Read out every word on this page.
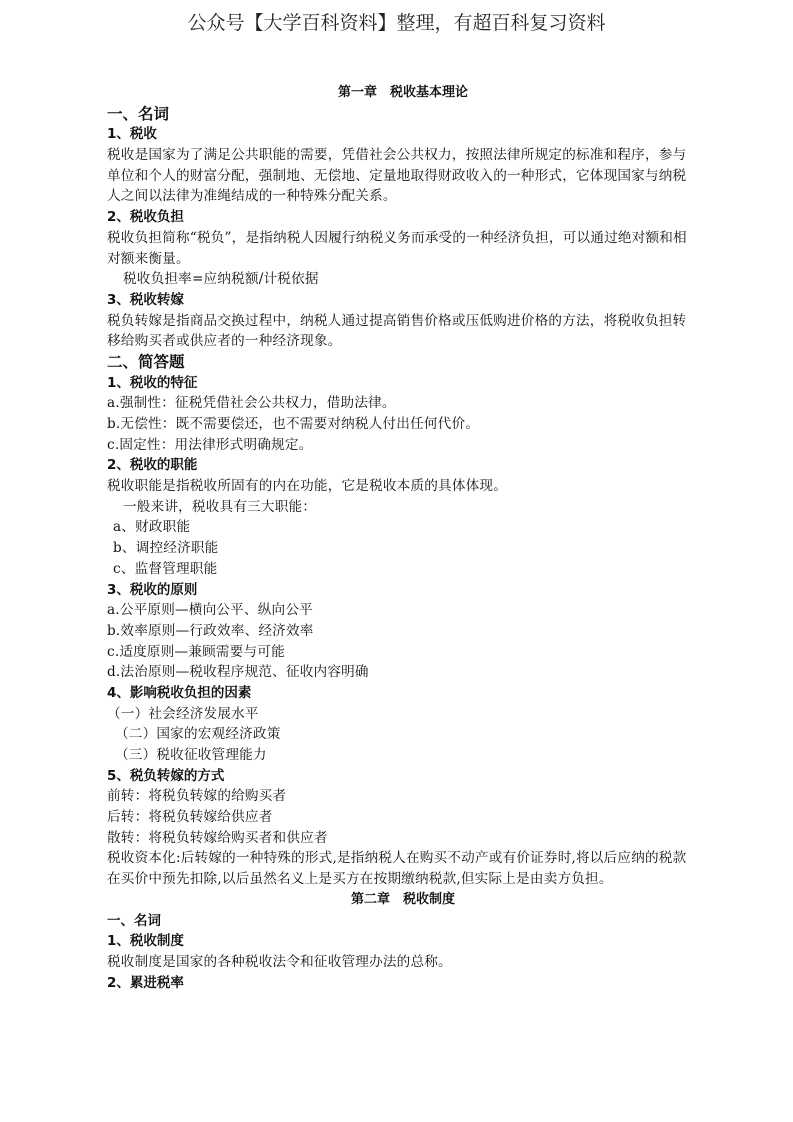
公众号【大学百科资料】整理，有超百科复习资料
第一章　税收基本理论
一、名词
1、税收
税收是国家为了满足公共职能的需要，凭借社会公共权力，按照法律所规定的标准和程序，参与
单位和个人的财富分配，强制地、无偿地、定量地取得财政收入的一种形式，它体现国家与纳税
人之间以法律为准绳结成的一种特殊分配关系。
2、税收负担
税收负担简称“税负”，是指纳税人因履行纳税义务而承受的一种经济负担，可以通过绝对额和相
对额来衡量。
税收负担率=应纳税额/计税依据
3、税收转嫁
税负转嫁是指商品交换过程中，纳税人通过提高销售价格或压低购进价格的方法，将税收负担转
移给购买者或供应者的一种经济现象。
二、简答题
1、税收的特征
a.强制性：征税凭借社会公共权力，借助法律。
b.无偿性：既不需要偿还，也不需要对纳税人付出任何代价。
c.固定性：用法律形式明确规定。
2、税收的职能
税收职能是指税收所固有的内在功能，它是税收本质的具体体现。
一般来讲，税收具有三大职能：
a、财政职能
b、调控经济职能
c、监督管理职能
3、税收的原则
a.公平原则—横向公平、纵向公平
b.效率原则—行政效率、经济效率
c.适度原则—兼顾需要与可能
d.法治原则—税收程序规范、征收内容明确
4、影响税收负担的因素
（一）社会经济发展水平
（二）国家的宏观经济政策
（三）税收征收管理能力
5、税负转嫁的方式
前转：将税负转嫁的给购买者
后转：将税负转嫁给供应者
散转：将税负转嫁给购买者和供应者
税收资本化:后转嫁的一种特殊的形式,是指纳税人在购买不动产或有价证券时,将以后应纳的税款
在买价中预先扣除,以后虽然名义上是买方在按期缴纳税款,但实际上是由卖方负担。
第二章　税收制度
一、名词
1、税收制度
税收制度是国家的各种税收法令和征收管理办法的总称。
2、累进税率
